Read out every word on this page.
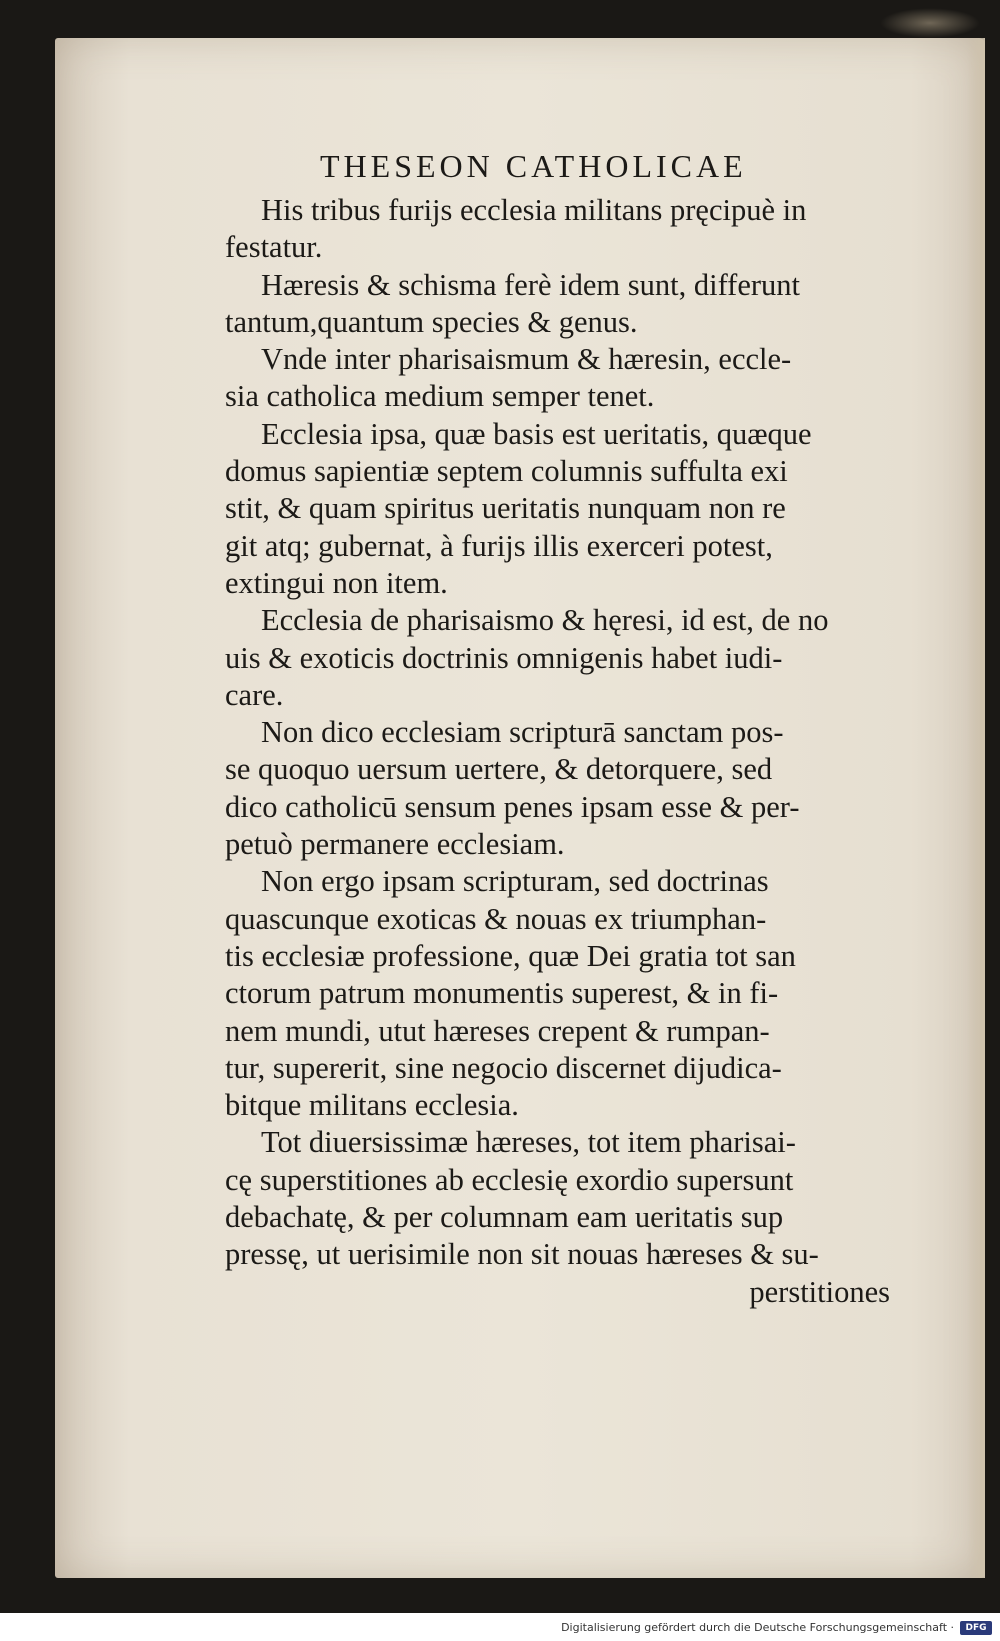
THESEON CATHOLICAE
His tribus furĳs ecclesia militans pręcipuè in
festatur.
Hæresis & schisma ferè idem sunt, differunt
tantum,quantum species & genus.
Vnde inter pharisaismum & hæresin, eccle-
sia catholica medium semper tenet.
Ecclesia ipsa, quæ basis est ueritatis, quæque
domus sapientiæ septem columnis suffulta exi
stit, & quam spiritus ueritatis nunquam non re
git atq; gubernat, à furĳs illis exerceri potest,
extingui non item.
Ecclesia de pharisaismo & hęresi, id est, de no
uis & exoticis doctrinis omnigenis habet iudi-
care.
Non dico ecclesiam scripturā sanctam pos-
se quoquo uersum uertere, & detorquere, sed
dico catholicū sensum penes ipsam esse & per-
petuò permanere ecclesiam.
Non ergo ipsam scripturam, sed doctrinas
quascunque exoticas & nouas ex triumphan-
tis ecclesiæ professione, quæ Dei gratia tot san
ctorum patrum monumentis superest, & in fi-
nem mundi, utut hæreses crepent & rumpan-
tur, supererit, sine negocio discernet dĳudica-
bitque militans ecclesia.
Tot diuersissimæ hæreses, tot item pharisai-
cę superstitiones ab ecclesię exordio supersunt
debachatę, & per columnam eam ueritatis sup
pressę, ut uerisimile non sit nouas hæreses & su-
perstitiones
Digitalisierung gefördert durch die Deutsche Forschungsgemeinschaft ·	DFG
